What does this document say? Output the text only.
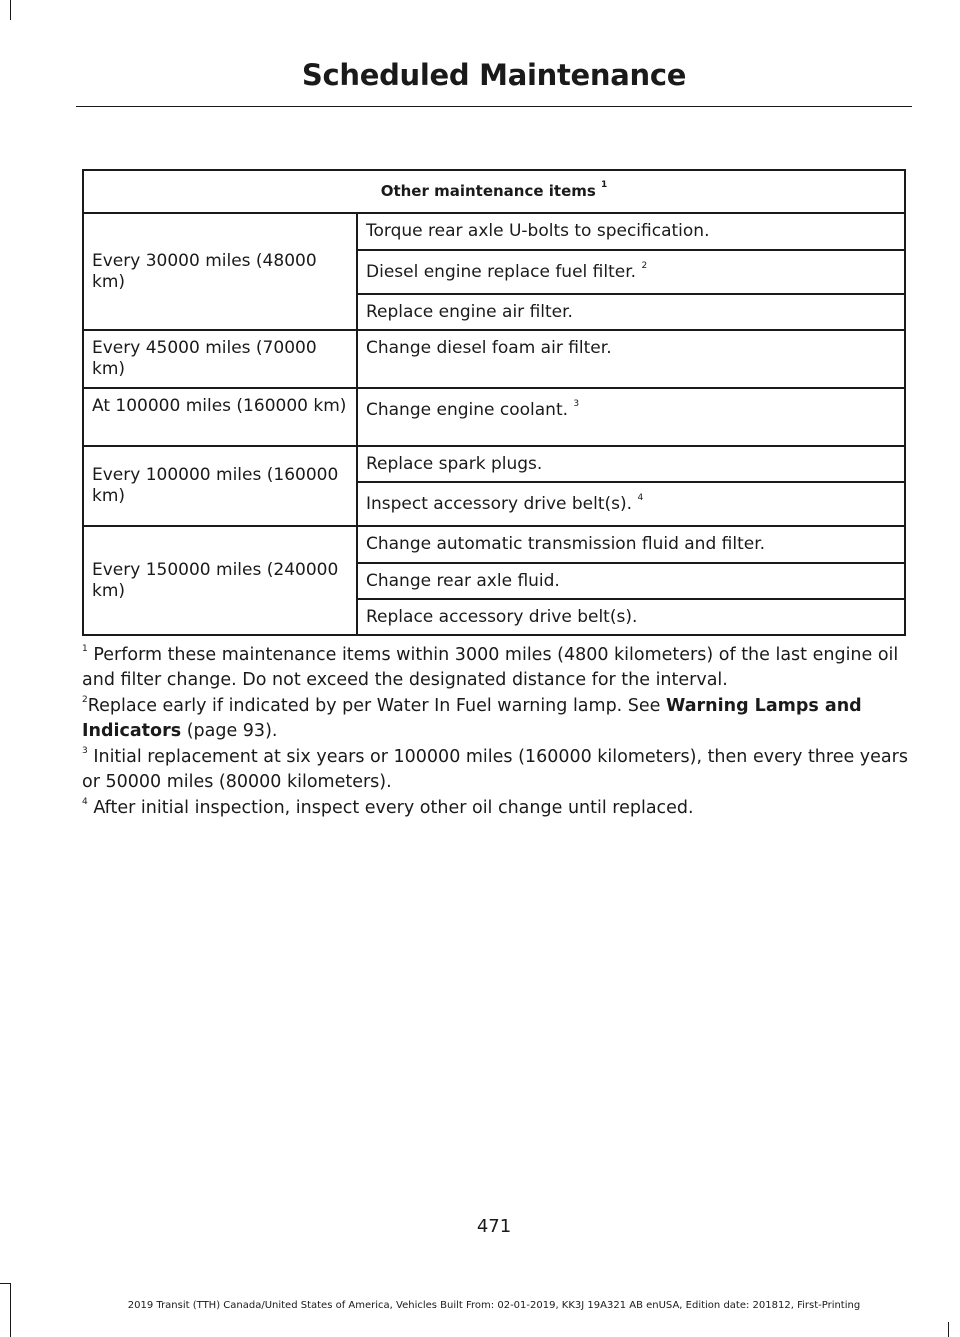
Scheduled Maintenance
Other maintenance items $^1$
Every 30000 miles (48000 km)	Torque rear axle U-bolts to specification.
	Diesel engine replace fuel filter. $^2$
	Replace engine air filter.
Every 45000 miles (70000 km)	Change diesel foam air filter.
At 100000 miles (160000 km)	Change engine coolant. $^3$
Every 100000 miles (160000 km)	Replace spark plugs.
	Inspect accessory drive belt(s). $^4$
Every 150000 miles (240000 km)	Change automatic transmission fluid and filter.
	Change rear axle fluid.
	Replace accessory drive belt(s).

$^1$ Perform these maintenance items within 3000 miles (4800 kilometers) of the last engine oil and filter change. Do not exceed the designated distance for the interval.

$^2$Replace early if indicated by per Water In Fuel warning lamp. See Warning Lamps and Indicators (page 93).

$^3$ Initial replacement at six years or 100000 miles (160000 kilometers), then every three years or 50000 miles (80000 kilometers).

$^4$ After initial inspection, inspect every other oil change until replaced.

471
2019 Transit (TTH) Canada/United States of America, Vehicles Built From: 02-01-2019, KK3J 19A321 AB enUSA, Edition date: 201812, First-Printing
